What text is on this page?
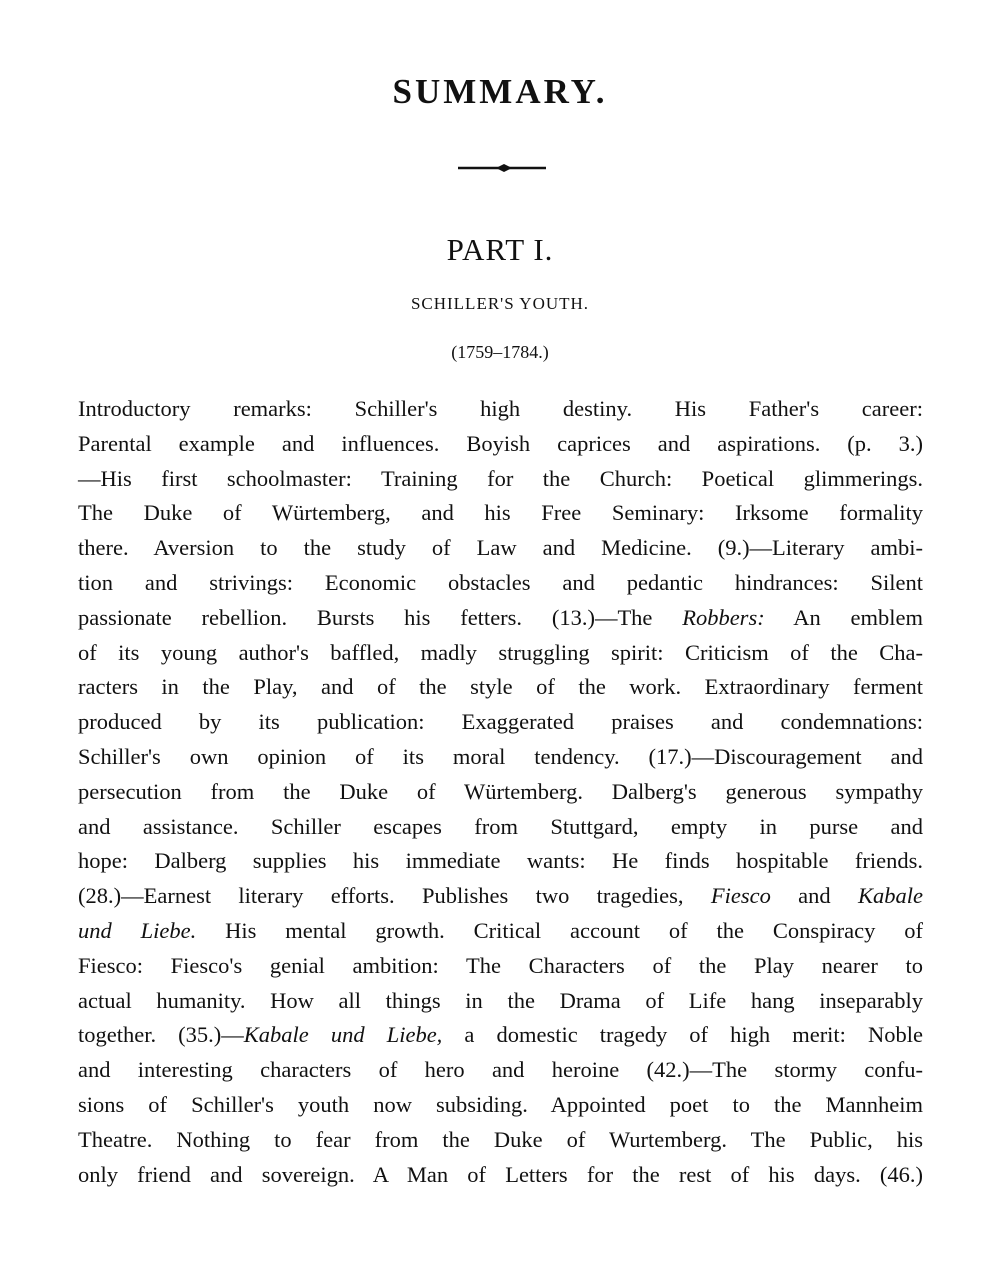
SUMMARY.
PART I.
SCHILLER'S YOUTH.
(1759–1784.)
Introductory remarks: Schiller's high destiny. His Father's career:
Parental example and influences. Boyish caprices and aspirations. (p. 3.)
—His first schoolmaster: Training for the Church: Poetical glimmerings.
The Duke of Würtemberg, and his Free Seminary: Irksome formality
there. Aversion to the study of Law and Medicine. (9.)—Literary ambi-
tion and strivings: Economic obstacles and pedantic hindrances: Silent
passionate rebellion. Bursts his fetters. (13.)—The Robbers: An emblem
of its young author's baffled, madly struggling spirit: Criticism of the Cha-
racters in the Play, and of the style of the work. Extraordinary ferment
produced by its publication: Exaggerated praises and condemnations:
Schiller's own opinion of its moral tendency. (17.)—Discouragement and
persecution from the Duke of Würtemberg. Dalberg's generous sympathy
and assistance. Schiller escapes from Stuttgard, empty in purse and
hope: Dalberg supplies his immediate wants: He finds hospitable friends.
(28.)—Earnest literary efforts. Publishes two tragedies, Fiesco and Kabale
und Liebe. His mental growth. Critical account of the Conspiracy of
Fiesco: Fiesco's genial ambition: The Characters of the Play nearer to
actual humanity. How all things in the Drama of Life hang inseparably
together. (35.)—Kabale und Liebe, a domestic tragedy of high merit: Noble
and interesting characters of hero and heroine (42.)—The stormy confu-
sions of Schiller's youth now subsiding. Appointed poet to the Mannheim
Theatre. Nothing to fear from the Duke of Wurtemberg. The Public, his
only friend and sovereign. A Man of Letters for the rest of his days. (46.)
